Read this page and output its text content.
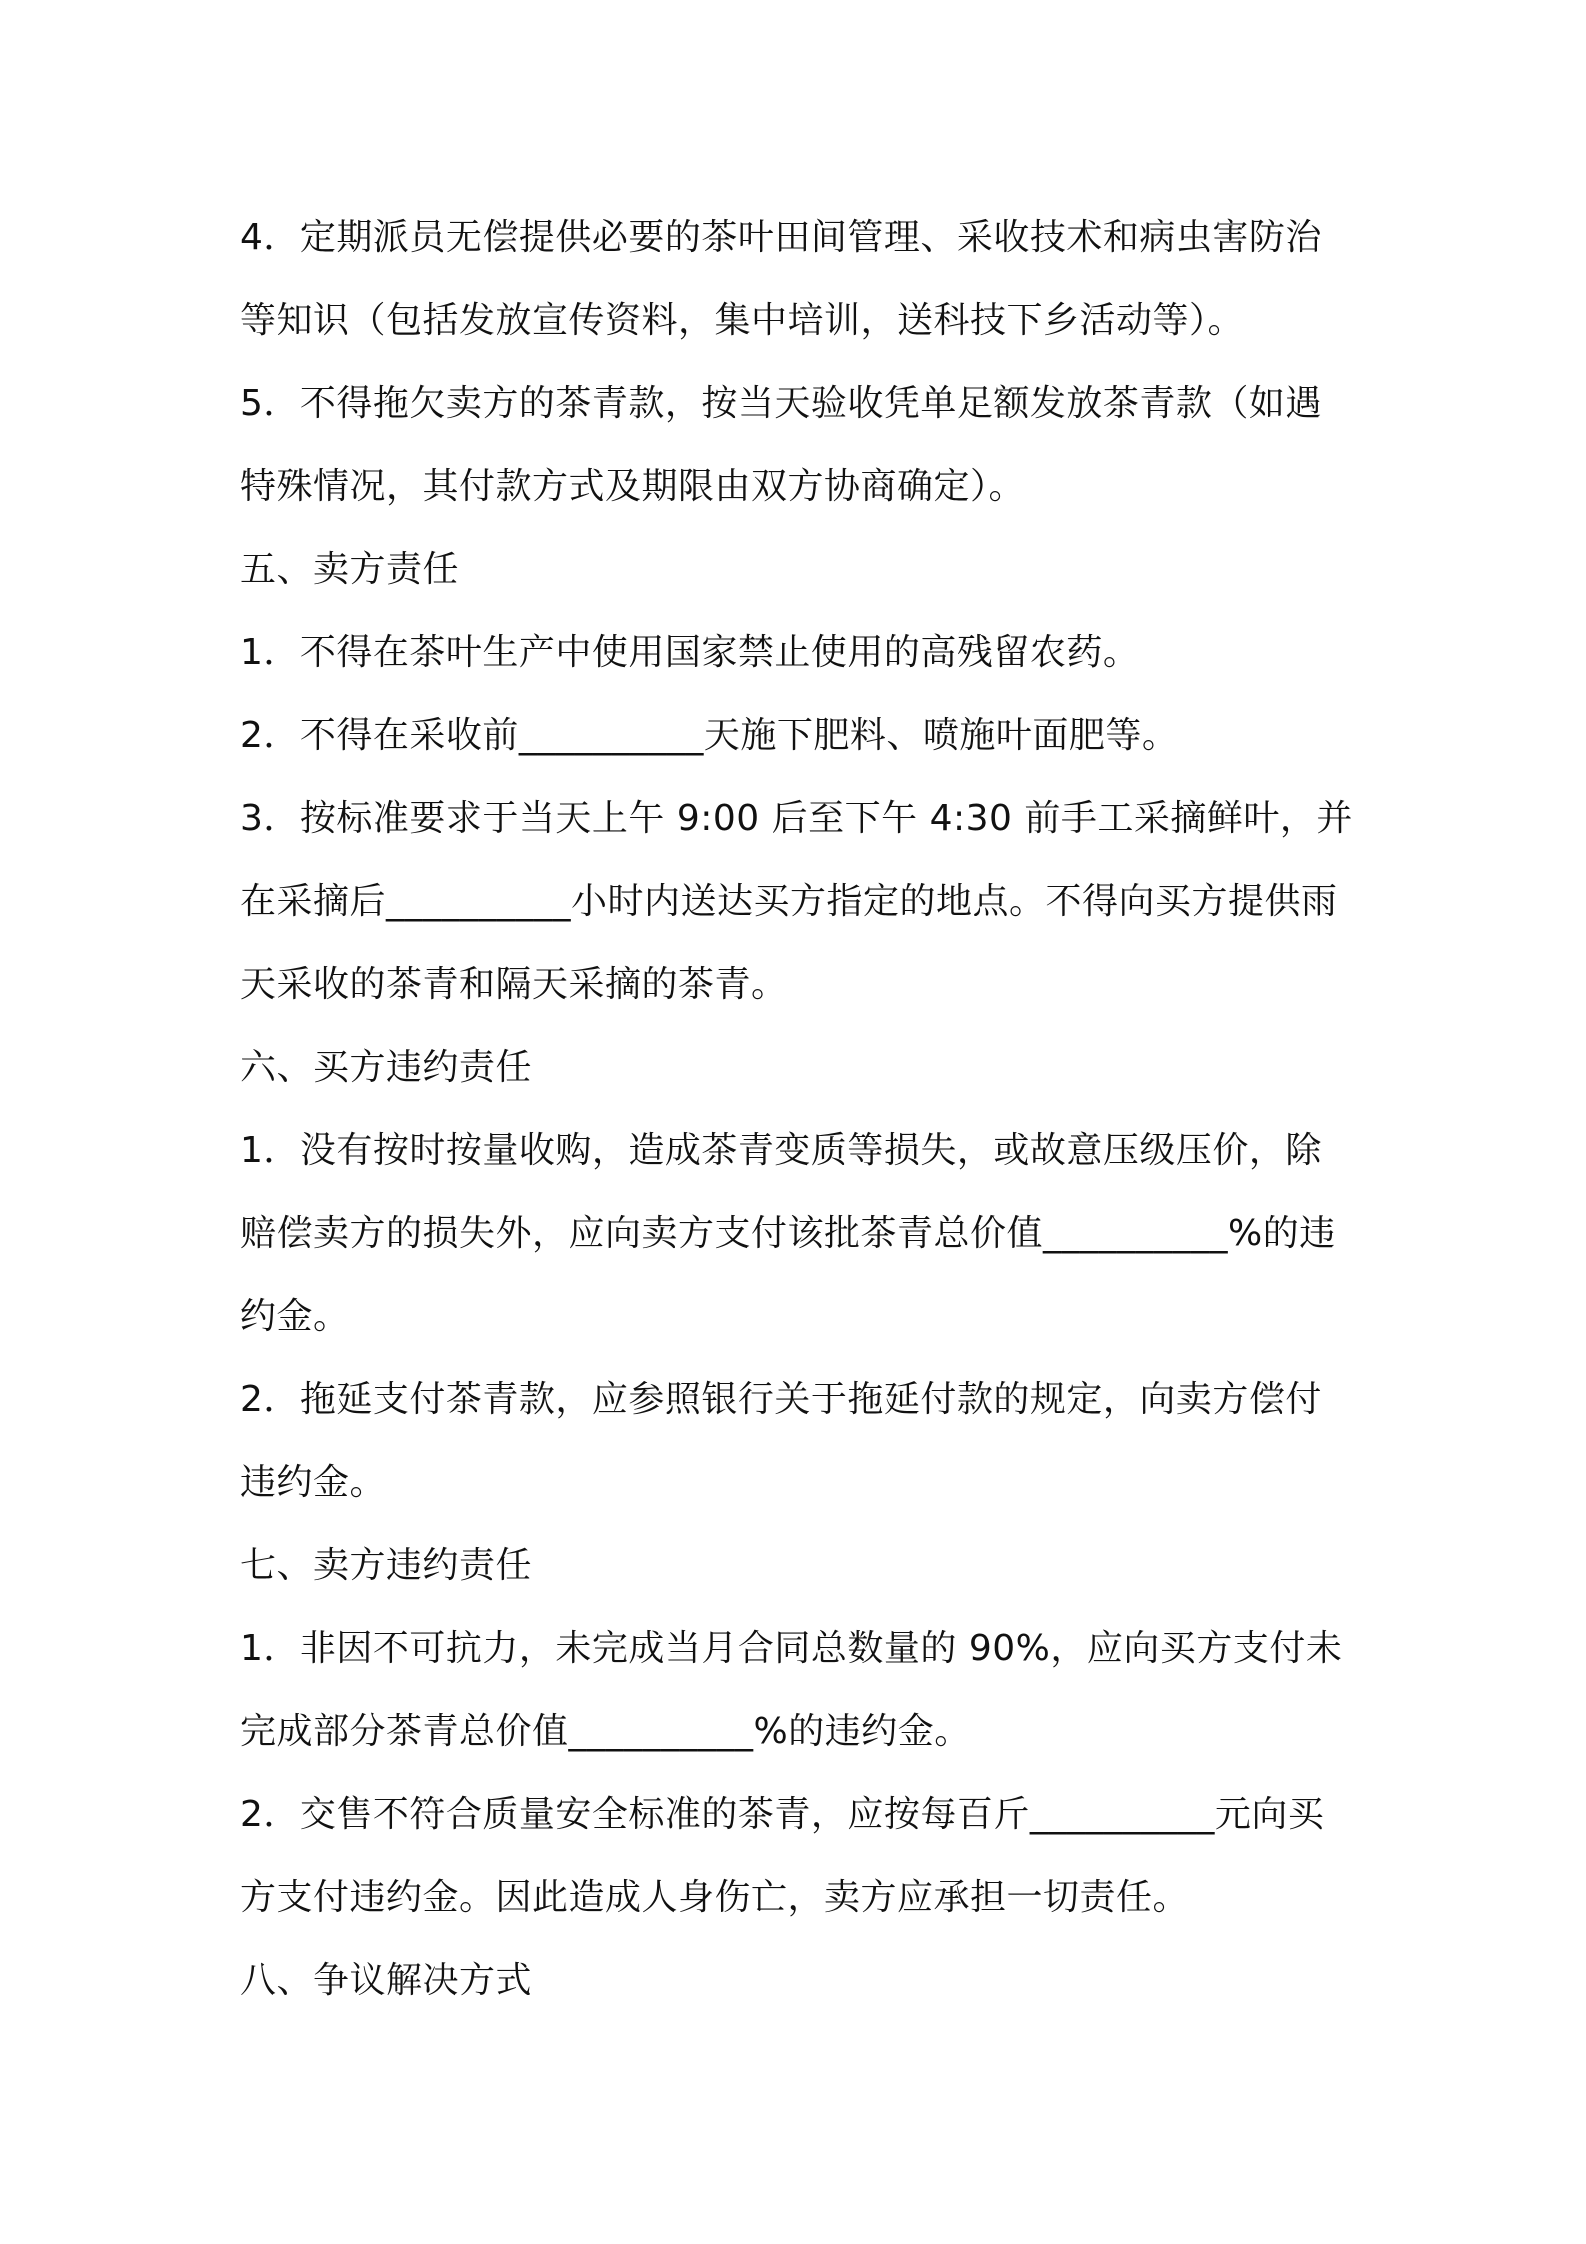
4．定期派员无偿提供必要的茶叶田间管理、采收技术和病虫害防治
等知识（包括发放宣传资料，集中培训，送科技下乡活动等）。
5．不得拖欠卖方的茶青款，按当天验收凭单足额发放茶青款（如遇
特殊情况，其付款方式及期限由双方协商确定）。
五、卖方责任
1．不得在茶叶生产中使用国家禁止使用的高残留农药。
2．不得在采收前__________天施下肥料、喷施叶面肥等。
3．按标准要求于当天上午 9:00 后至下午 4:30 前手工采摘鲜叶，并
在采摘后__________小时内送达买方指定的地点。不得向买方提供雨
天采收的茶青和隔天采摘的茶青。
六、买方违约责任
1．没有按时按量收购，造成茶青变质等损失，或故意压级压价，除
赔偿卖方的损失外，应向卖方支付该批茶青总价值__________%的违
约金。
2．拖延支付茶青款，应参照银行关于拖延付款的规定，向卖方偿付
违约金。
七、卖方违约责任
1．非因不可抗力，未完成当月合同总数量的 90%，应向买方支付未
完成部分茶青总价值__________%的违约金。
2．交售不符合质量安全标准的茶青，应按每百斤__________元向买
方支付违约金。因此造成人身伤亡，卖方应承担一切责任。
八、争议解决方式
